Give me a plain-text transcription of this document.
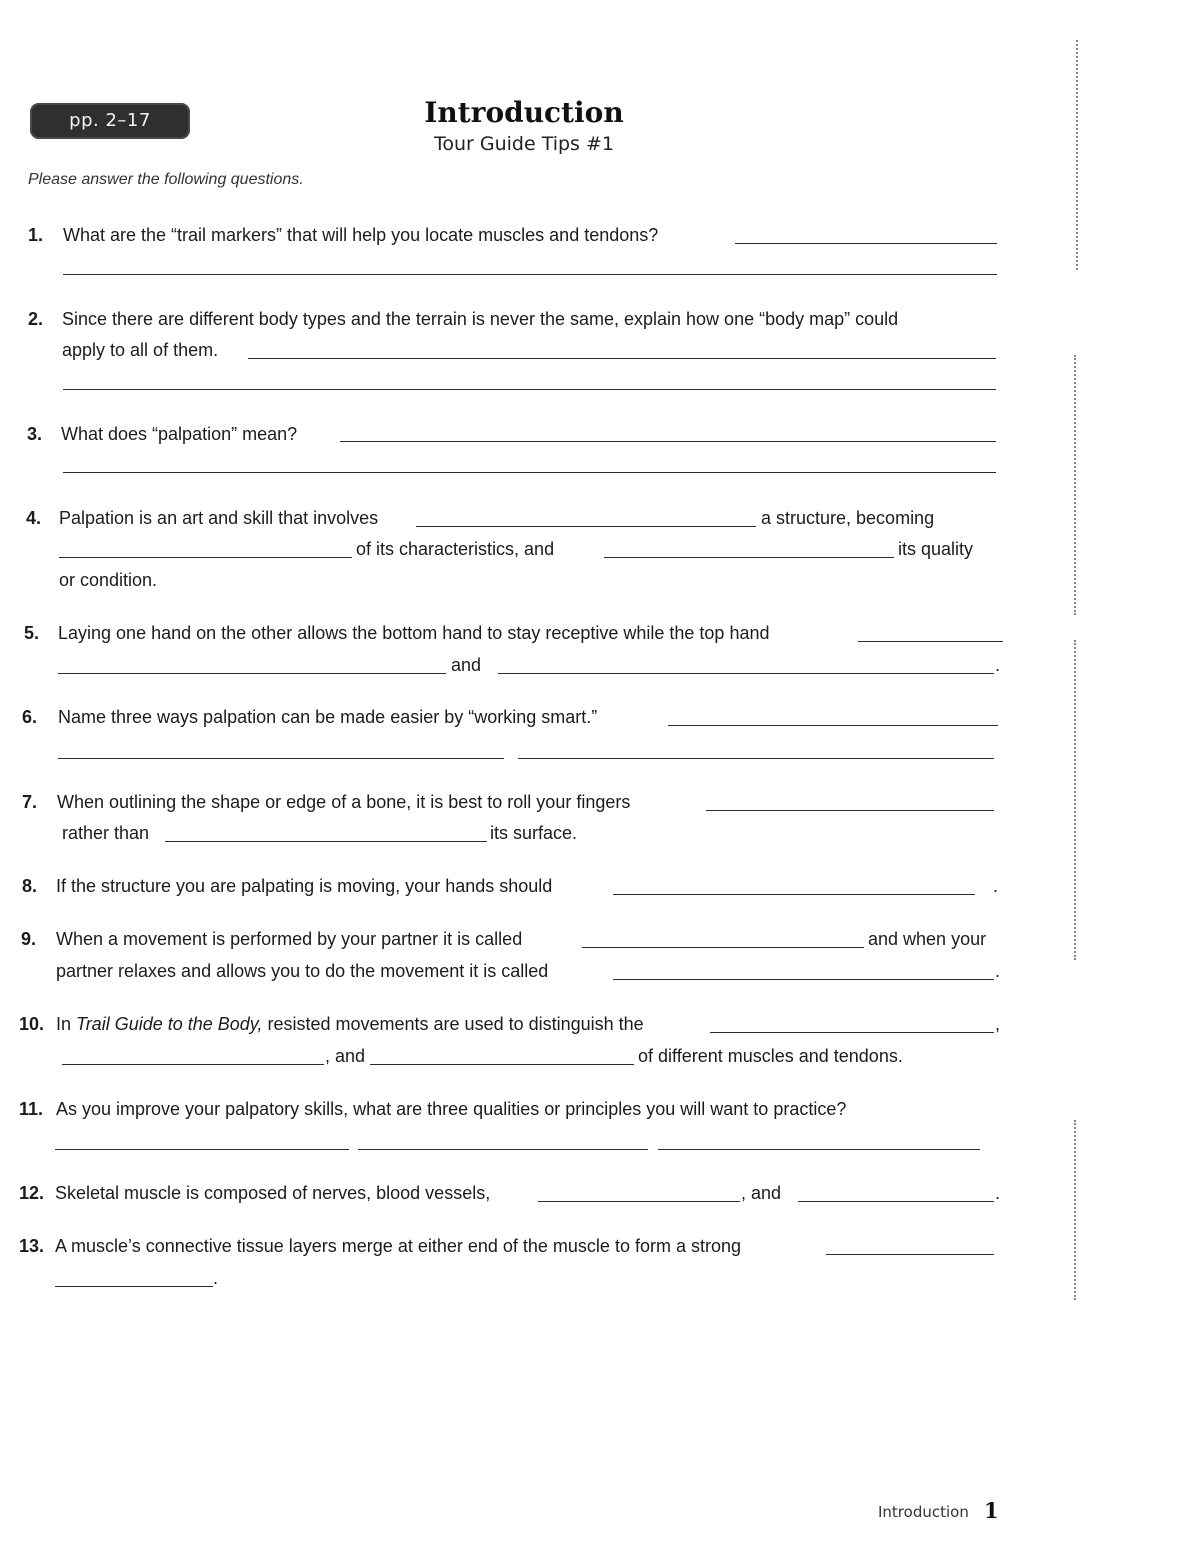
pp. 2–17	Introduction
Tour Guide Tips #1
Please answer the following questions.
1. What are the “trail markers” that will help you locate muscles and tendons?
2. Since there are different body types and the terrain is never the same, explain how one “body map” could
apply to all of them.
3. What does “palpation” mean?
4. Palpation is an art and skill that involves	a structure, becoming
of its characteristics, and	its quality
or condition.
5. Laying one hand on the other allows the bottom hand to stay receptive while the top hand
and	.
6. Name three ways palpation can be made easier by “working smart.”
7. When outlining the shape or edge of a bone, it is best to roll your fingers
rather than	its surface.
8. If the structure you are palpating is moving, your hands should	.
9. When a movement is performed by your partner it is called	and when your
partner relaxes and allows you to do the movement it is called	.
10. In Trail Guide to the Body, resisted movements are used to distinguish the	,
, and	of different muscles and tendons.
11. As you improve your palpatory skills, what are three qualities or principles you will want to practice?
12. Skeletal muscle is composed of nerves, blood vessels,	, and	.
13. A muscle’s connective tissue layers merge at either end of the muscle to form a strong
.
Introduction 1
